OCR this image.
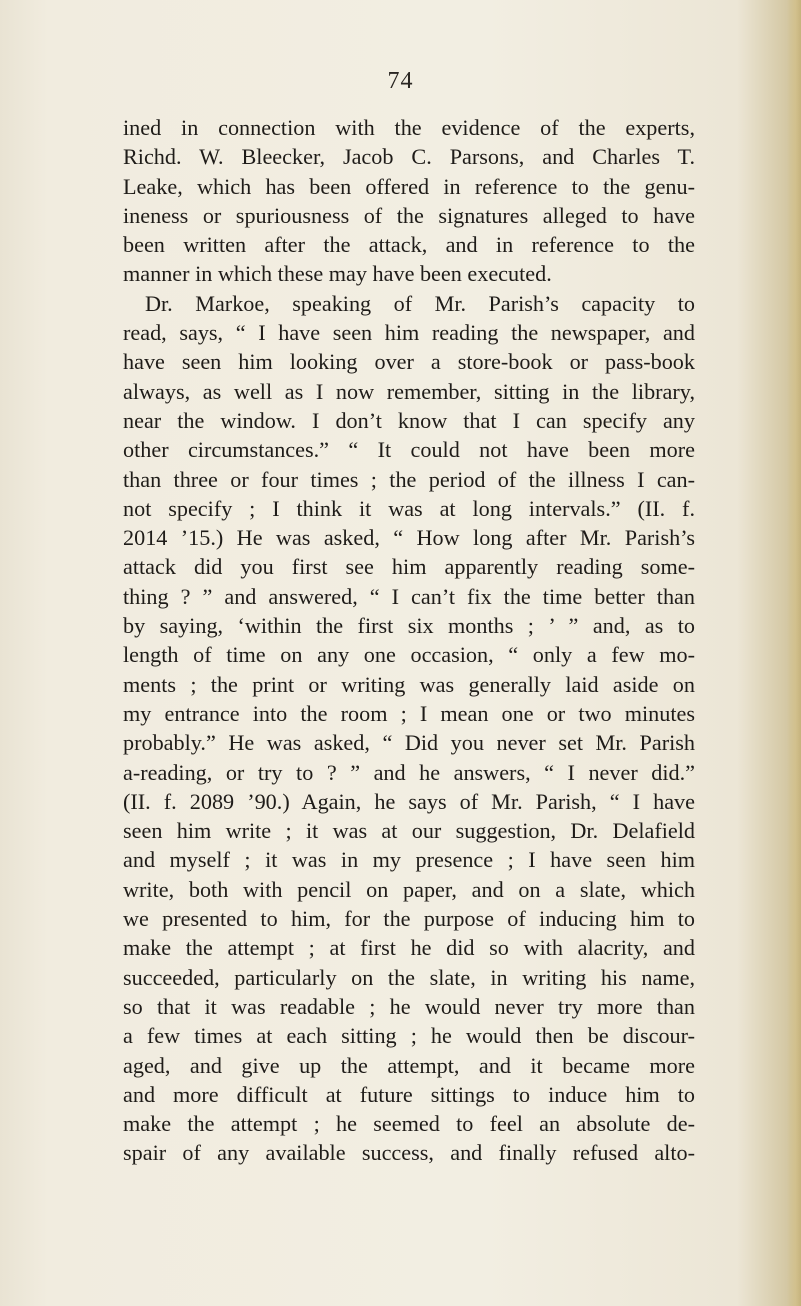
74
ined in connection with the evidence of the experts,
Richd. W. Bleecker, Jacob C. Parsons, and Charles T.
Leake, which has been offered in reference to the genu-
ineness or spuriousness of the signatures alleged to have
been written after the attack, and in reference to the
manner in which these may have been executed.
Dr. Markoe, speaking of Mr. Parish’s capacity to
read, says, “ I have seen him reading the newspaper, and
have seen him looking over a store-book or pass-book
always, as well as I now remember, sitting in the library,
near the window. I don’t know that I can specify any
other circumstances.” “ It could not have been more
than three or four times ; the period of the illness I can-
not specify ; I think it was at long intervals.” (II. f.
2014 ’15.) He was asked, “ How long after Mr. Parish’s
attack did you first see him apparently reading some-
thing ? ” and answered, “ I can’t fix the time better than
by saying, ‘within the first six months ; ’ ” and, as to
length of time on any one occasion, “ only a few mo-
ments ; the print or writing was generally laid aside on
my entrance into the room ; I mean one or two minutes
probably.” He was asked, “ Did you never set Mr. Parish
a-reading, or try to ? ” and he answers, “ I never did.”
(II. f. 2089 ’90.) Again, he says of Mr. Parish, “ I have
seen him write ; it was at our suggestion, Dr. Delafield
and myself ; it was in my presence ; I have seen him
write, both with pencil on paper, and on a slate, which
we presented to him, for the purpose of inducing him to
make the attempt ; at first he did so with alacrity, and
succeeded, particularly on the slate, in writing his name,
so that it was readable ; he would never try more than
a few times at each sitting ; he would then be discour-
aged, and give up the attempt, and it became more
and more difficult at future sittings to induce him to
make the attempt ; he seemed to feel an absolute de-
spair of any available success, and finally refused alto-
